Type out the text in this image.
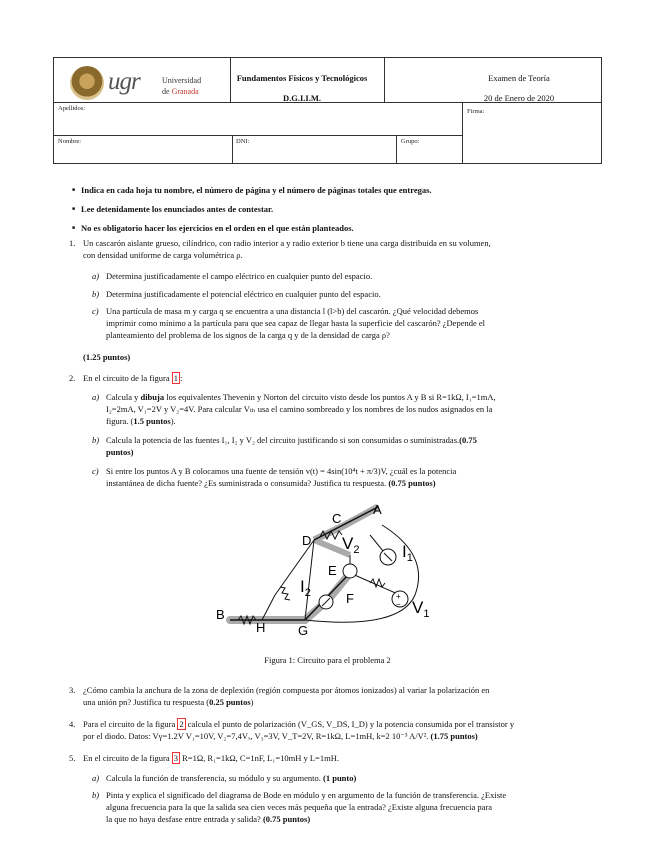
ugr	Universidad
de Granada
Fundamentos Físicos y Tecnológicos
D.G.I.I.M.
Examen de Teoría
20 de Enero de 2020
Apellidos:	Firma:
Nombre:	DNI:	Grupo:
■ Indica en cada hoja tu nombre, el número de página y el número de páginas totales que entregas.
■ Lee detenidamente los enunciados antes de contestar.
■ No es obligatorio hacer los ejercicios en el orden en el que están planteados.
1. Un cascarón aislante grueso, cilíndrico, con radio interior a y radio exterior b tiene una carga distribuida en su volumen,
con densidad uniforme de carga volumétrica ρ.
a) Determina justificadamente el campo eléctrico en cualquier punto del espacio.
b) Determina justificadamente el potencial eléctrico en cualquier punto del espacio.
c) Una partícula de masa m y carga q se encuentra a una distancia l (l>b) del cascarón. ¿Qué velocidad debemos
imprimir como mínimo a la partícula para que sea capaz de llegar hasta la superficie del cascarón? ¿Depende el
planteamiento del problema de los signos de la carga q y de la densidad de carga ρ?
(1.25 puntos)
2. En el circuito de la figura 1 :
a) Calcula y dibuja los equivalentes Thevenin y Norton del circuito visto desde los puntos A y B si R=1kΩ, I₁=1mA,
I₂=2mA, V₁=2V y V₂=4V. Para calcular Vₜₕ usa el camino sombreado y los nombres de los nudos asignados en la
figura. (1.5 puntos).
b) Calcula la potencia de las fuentes I₁, I₂ y V₂ del circuito justificando si son consumidas o suministradas.(0.75
puntos)
c) Si entre los puntos A y B colocamos una fuente de tensión v(t) = 4sin(10⁴t + π/3)V, ¿cuál es la potencia
instantánea de dicha fuente? ¿Es suministrada o consumida? Justifica tu respuesta. (0.75 puntos)
+
−
A
C
D
E
F
G
H
B
$V_2$	$I_1$
$I_2$
$V_1$
Figura 1: Circuito para el problema 2
3. ¿Cómo cambia la anchura de la zona de deplexión (región compuesta por átomos ionizados) al variar la polarización en
una unión pn? Justifica tu respuesta (0.25 puntos)
4. Para el circuito de la figura 2 calcula el punto de polarización (V_GS, V_DS, I_D) y la potencia consumida por el transistor y
por el diodo. Datos: Vγ=1.2V V₁=10V, V₂=7,4Vₓ, V₃=3V, V_T=2V, R=1kΩ, L=1mH, k=2 10⁻³ A/V². (1.75 puntos)
5. En el circuito de la figura 3 R=1Ω, R₁=1kΩ, C=1nF, L₁=10mH y L=1mH.
a) Calcula la función de transferencia, su módulo y su argumento. (1 punto)
b) Pinta y explica el significado del diagrama de Bode en módulo y en argumento de la función de transferencia. ¿Existe
alguna frecuencia para la que la salida sea cien veces más pequeña que la entrada? ¿Existe alguna frecuencia para
la que no haya desfase entre entrada y salida? (0.75 puntos)
